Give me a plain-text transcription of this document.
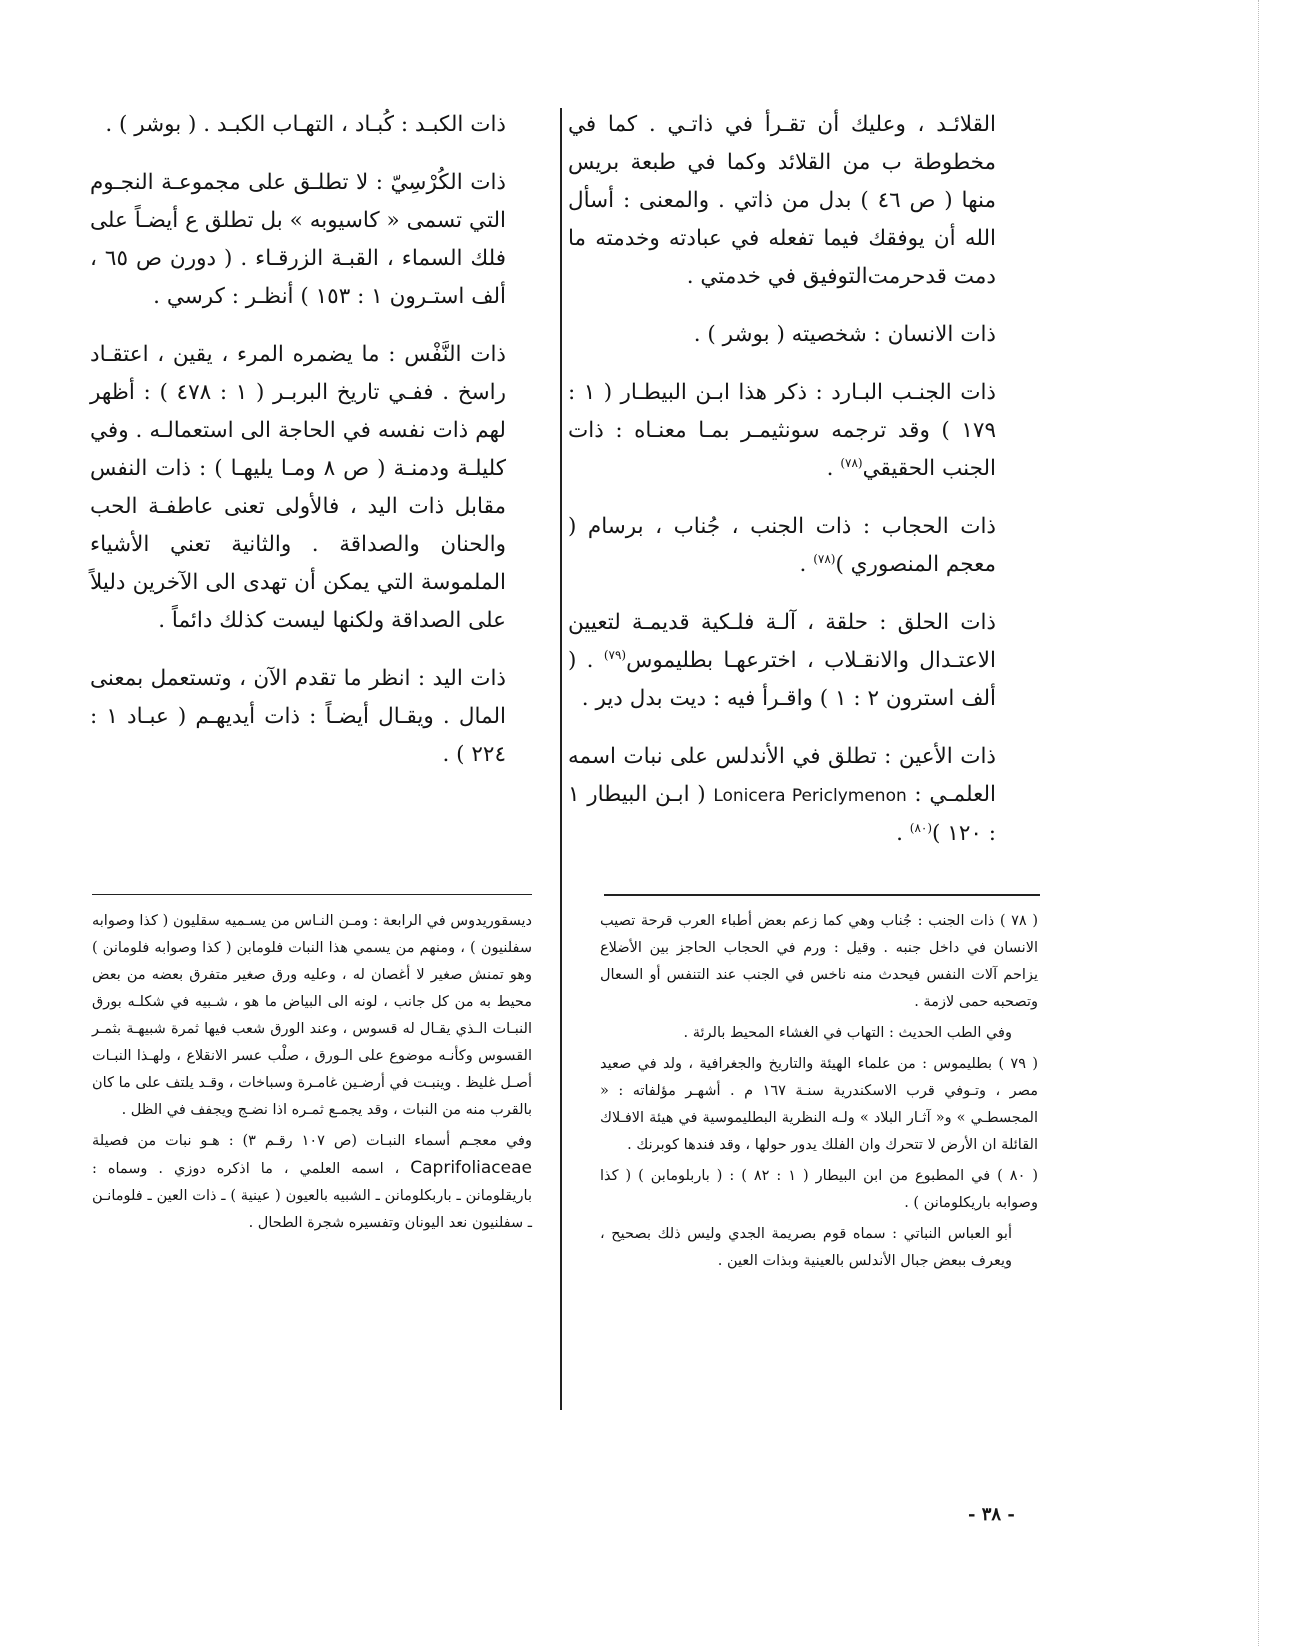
القلائـد ، وعليك أن تقـرأ في ذاتـي . كما في مخطوطة ب من القلائد وكما في طبعة بريس منها ( ص ٤٦ ) بدل من ذاتي . والمعنى : أسأل الله أن يوفقك فيما تفعله في عبادته وخدمته ما دمت قدحرمت‌التوفيق في خدمتي .

ذات الانسان : شخصيته ( بوشر ) .

ذات الجنـب البـارد : ذكر هذا ابـن البيطـار ( ١ : ١٧٩ ) وقد ترجمه سونثيمـر بمـا معنـاه : ذات الجنب الحقيقي$^{(٧٨)}$ .

ذات الحجاب : ذات الجنب ، جُناب ، برسام ( معجم المنصوري )$^{(٧٨)}$ .

ذات الحلق : حلقة ، آلـة فلـكية قديمـة لتعيين الاعتـدال والانقـلاب ، اخترعهـا بطليموس$^{(٧٩)}$ . ( ألف استرون ٢ : ١ ) واقـرأ فيه : ديت بدل دير .

ذات الأعين : تطلق في الأندلس على نبات اسمه العلمـي : Lonicera Periclymenon ( ابـن البيطار ١ : ١٢٠ )$^{(٨٠)}$ .

ذات الكبـد : كُبـاد ، التهـاب الكبـد . ( بوشر ) .

ذات الكُرْسِيّ : لا تطلـق على مجموعـة النجـوم التي تسمى « كاسيوبه » بل تطلق ع أيضـاً على فلك السماء ، القبـة الزرقـاء . ( دورن ص ٦٥ ، ألف استـرون ١ : ١٥٣ ) أنظـر : كرسي .

ذات النَّفْس : ما يضمره المرء ، يقين ، اعتقـاد راسخ . ففـي تاريخ البربـر ( ١ : ٤٧٨ ) : أظهر لهم ذات نفسه في الحاجة الى استعمالـه . وفي كليلـة ودمنـة ( ص ٨ ومـا يليهـا ) : ذات النفس مقابل ذات اليد ، فالأولى تعنى عاطفـة الحب والحنان والصداقة . والثانية تعني الأشياء الملموسة التي يمكن أن تهدى الى الآخرين دليلاً على الصداقة ولكنها ليست كذلك دائماً .

ذات اليد : انظر ما تقدم الآن ، وتستعمل بمعنى المال . ويقـال أيضـاً : ذات أيديهـم ( عبـاد ١ : ٢٢٤ ) .

( ٧٨ ) ذات الجنب : جُناب وهي كما زعم بعض أطباء العرب قرحة تصيب الانسان في داخل جنبه . وقيل : ورم في الحجاب الحاجز بين الأضلاع يزاحم آلات النفس فيحدث منه ناخس في الجنب عند التنفس أو السعال وتصحبه حمى لازمة .

وفي الطب الحديث : التهاب في الغشاء المحيط بالرئة .

( ٧٩ ) بطليموس : من علماء الهيئة والتاريخ والجغرافية ، ولد في صعيد مصر ، وتـوفي قرب الاسكندرية سنـة ١٦٧ م . أشهـر مؤلفاته : « المجسطـي » و« آثـار البلاد » ولـه النظرية البطليموسية في هيئة الافـلاك القائلة ان الأرض لا تتحرك وان الفلك يدور حولها ، وقد فندها كوبرنك .

( ٨٠ ) في المطبوع من ابن البيطار ( ١ : ٨٢ ) : ( باربلومابن ) ( كذا وصوابه باريكلومانن ) .

أبو العباس النباتي : سماه قوم بصريمة الجدي وليس ذلك بصحيح ، ويعرف ببعض جبال الأندلس بالعينية وبذات العين .

ديسقوريدوس في الرابعة : ومـن النـاس من يسـميه سقليون ( كذا وصوابه سفلنيون ) ، ومنهم من يسمي هذا النبات فلومابن ( كذا وصوابه فلومانن ) وهو تمنش صغير لا أغصان له ، وعليه ورق صغير متفرق بعضه من بعض محيط به من كل جانب ، لونه الى البياض ما هو ، شـبيه في شكلـه بورق النبـات الـذي يقـال له قسوس ، وعند الورق شعب فيها ثمرة شبيهـة بثمـر القسوس وكأنـه موضوع على الـورق ، صلْب عسر الانقلاع ، ولهـذا النبـات أصـل غليظ . وينبـت في أرضـين غامـرة وسباخات ، وقـد يلتف على ما كان بالقرب منه من النبات ، وقد يجمـع ثمـره اذا نضـج ويجفف في الظل .

وفي معجـم أسماء النبـات (ص ١٠٧ رقـم ٣) : هـو نبات من فصيلة Caprifoliaceae ، اسمه العلمي ، ما اذكره دوزي . وسماه : باريقلومانن ـ باربكلومانن ـ الشبيه بالعيون ( عينية ) ـ ذات العين ـ فلومانـن ـ سفلنيون نعد اليونان وتفسيره شجرة الطحال .

- ٣٨ -
